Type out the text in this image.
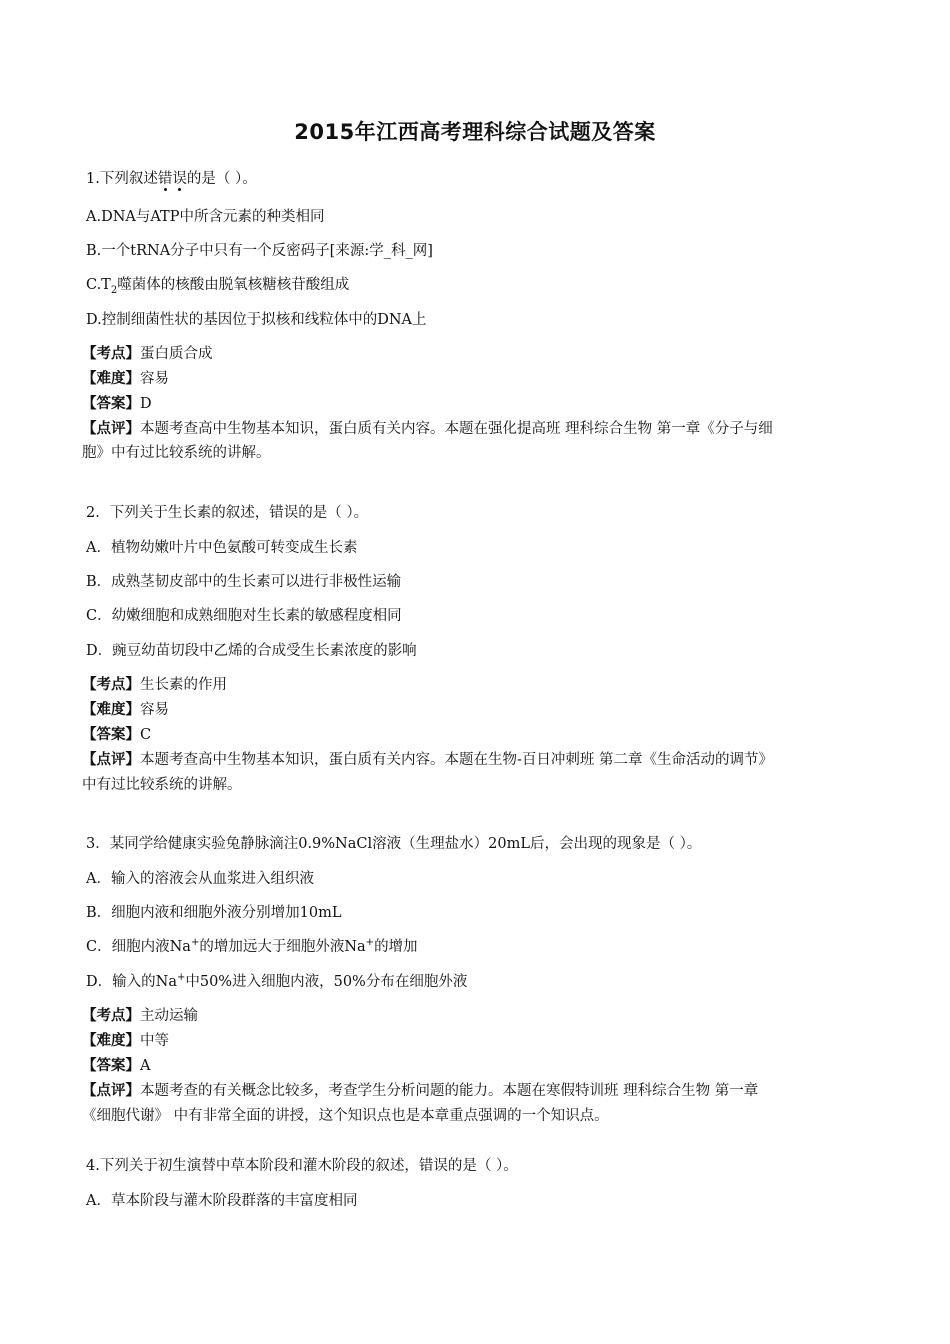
2015年江西高考理科综合试题及答案
1.下列叙述错误的是（ ）。
A.DNA与ATP中所含元素的种类相同
B.一个tRNA分子中只有一个反密码子[来源:学_科_网]
$C.T_2$噬菌体的核酸由脱氧核糖核苷酸组成
D.控制细菌性状的基因位于拟核和线粒体中的DNA上
【考点】蛋白质合成
【难度】容易
【答案】D
【点评】本题考查高中生物基本知识，蛋白质有关内容。本题在强化提高班 理科综合生物 第一章《分子与细
胞》中有过比较系统的讲解。
2．下列关于生长素的叙述，错误的是（ ）。
A．植物幼嫩叶片中色氨酸可转变成生长素
B．成熟茎韧皮部中的生长素可以进行非极性运输
C．幼嫩细胞和成熟细胞对生长素的敏感程度相同
D．豌豆幼苗切段中乙烯的合成受生长素浓度的影响
【考点】生长素的作用
【难度】容易
【答案】C
【点评】本题考查高中生物基本知识，蛋白质有关内容。本题在生物-百日冲刺班 第二章《生命活动的调节》
中有过比较系统的讲解。
3．某同学给健康实验兔静脉滴注0.9%NaCl溶液（生理盐水）20mL后，会出现的现象是（ ）。
A．输入的溶液会从血浆进入组织液
B．细胞内液和细胞外液分别增加10mL
C．细胞内液Na+的增加远大于细胞外液Na+的增加
D．输入的Na+中50%进入细胞内液，50%分布在细胞外液
【考点】主动运输
【难度】中等
【答案】A
【点评】本题考查的有关概念比较多，考查学生分析问题的能力。本题在寒假特训班 理科综合生物 第一章
《细胞代谢》 中有非常全面的讲授，这个知识点也是本章重点强调的一个知识点。
4.下列关于初生演替中草本阶段和灌木阶段的叙述，错误的是（ ）。
A．草本阶段与灌木阶段群落的丰富度相同
